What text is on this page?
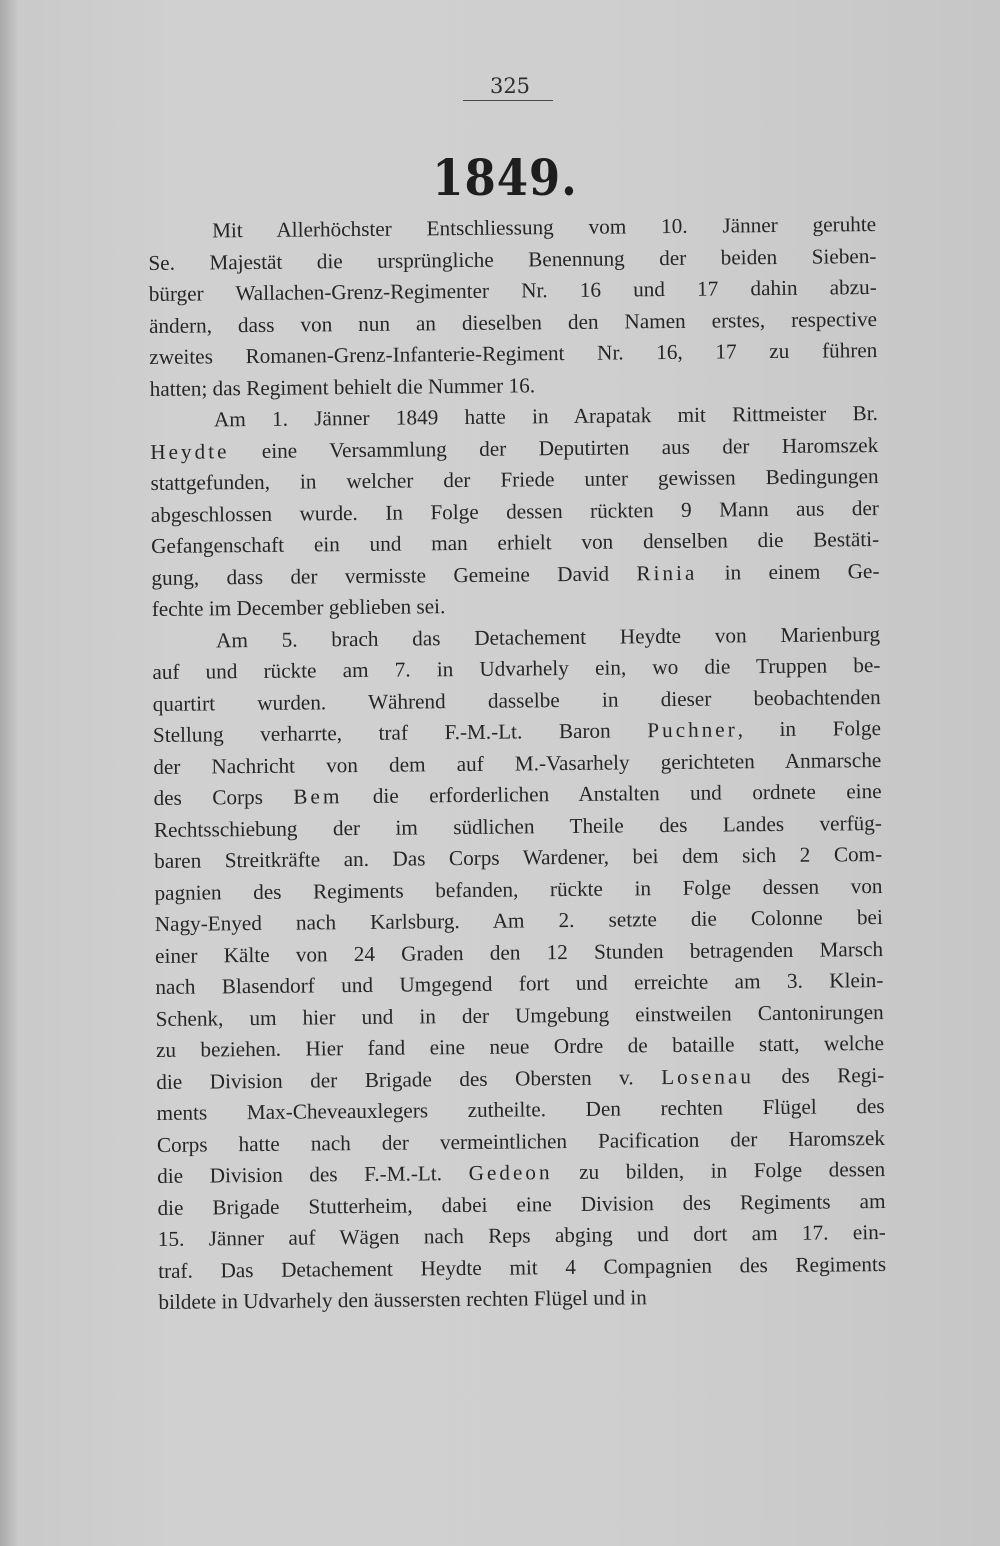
325
1849.
Mit Allerhöchster Entschliessung vom 10. Jänner geruhte
Se. Majestät die ursprüngliche Benennung der beiden Sieben-
bürger Wallachen-Grenz-Regimenter Nr. 16 und 17 dahin abzu-
ändern, dass von nun an dieselben den Namen erstes, respective
zweites Romanen-Grenz-Infanterie-Regiment Nr. 16, 17 zu führen
hatten; das Regiment behielt die Nummer 16.
Am 1. Jänner 1849 hatte in Arapatak mit Rittmeister Br.
Heydte eine Versammlung der Deputirten aus der Haromszek
stattgefunden, in welcher der Friede unter gewissen Bedingungen
abgeschlossen wurde. In Folge dessen rückten 9 Mann aus der
Gefangenschaft ein und man erhielt von denselben die Bestäti-
gung, dass der vermisste Gemeine David Rinia in einem Ge-
fechte im December geblieben sei.
Am 5. brach das Detachement Heydte von Marienburg
auf und rückte am 7. in Udvarhely ein, wo die Truppen be-
quartirt wurden. Während dasselbe in dieser beobachtenden
Stellung verharrte, traf F.-M.-Lt. Baron Puchner, in Folge
der Nachricht von dem auf M.-Vasarhely gerichteten Anmarsche
des Corps Bem die erforderlichen Anstalten und ordnete eine
Rechtsschiebung der im südlichen Theile des Landes verfüg-
baren Streitkräfte an. Das Corps Wardener, bei dem sich 2 Com-
pagnien des Regiments befanden, rückte in Folge dessen von
Nagy-Enyed nach Karlsburg. Am 2. setzte die Colonne bei
einer Kälte von 24 Graden den 12 Stunden betragenden Marsch
nach Blasendorf und Umgegend fort und erreichte am 3. Klein-
Schenk, um hier und in der Umgebung einstweilen Cantonirungen
zu beziehen. Hier fand eine neue Ordre de bataille statt, welche
die Division der Brigade des Obersten v. Losenau des Regi-
ments Max-Cheveauxlegers zutheilte. Den rechten Flügel des
Corps hatte nach der vermeintlichen Pacification der Haromszek
die Division des F.-M.-Lt. Gedeon zu bilden, in Folge dessen
die Brigade Stutterheim, dabei eine Division des Regiments am
15. Jänner auf Wägen nach Reps abging und dort am 17. ein-
traf. Das Detachement Heydte mit 4 Compagnien des Regiments
bildete in Udvarhely den äussersten rechten Flügel und in
